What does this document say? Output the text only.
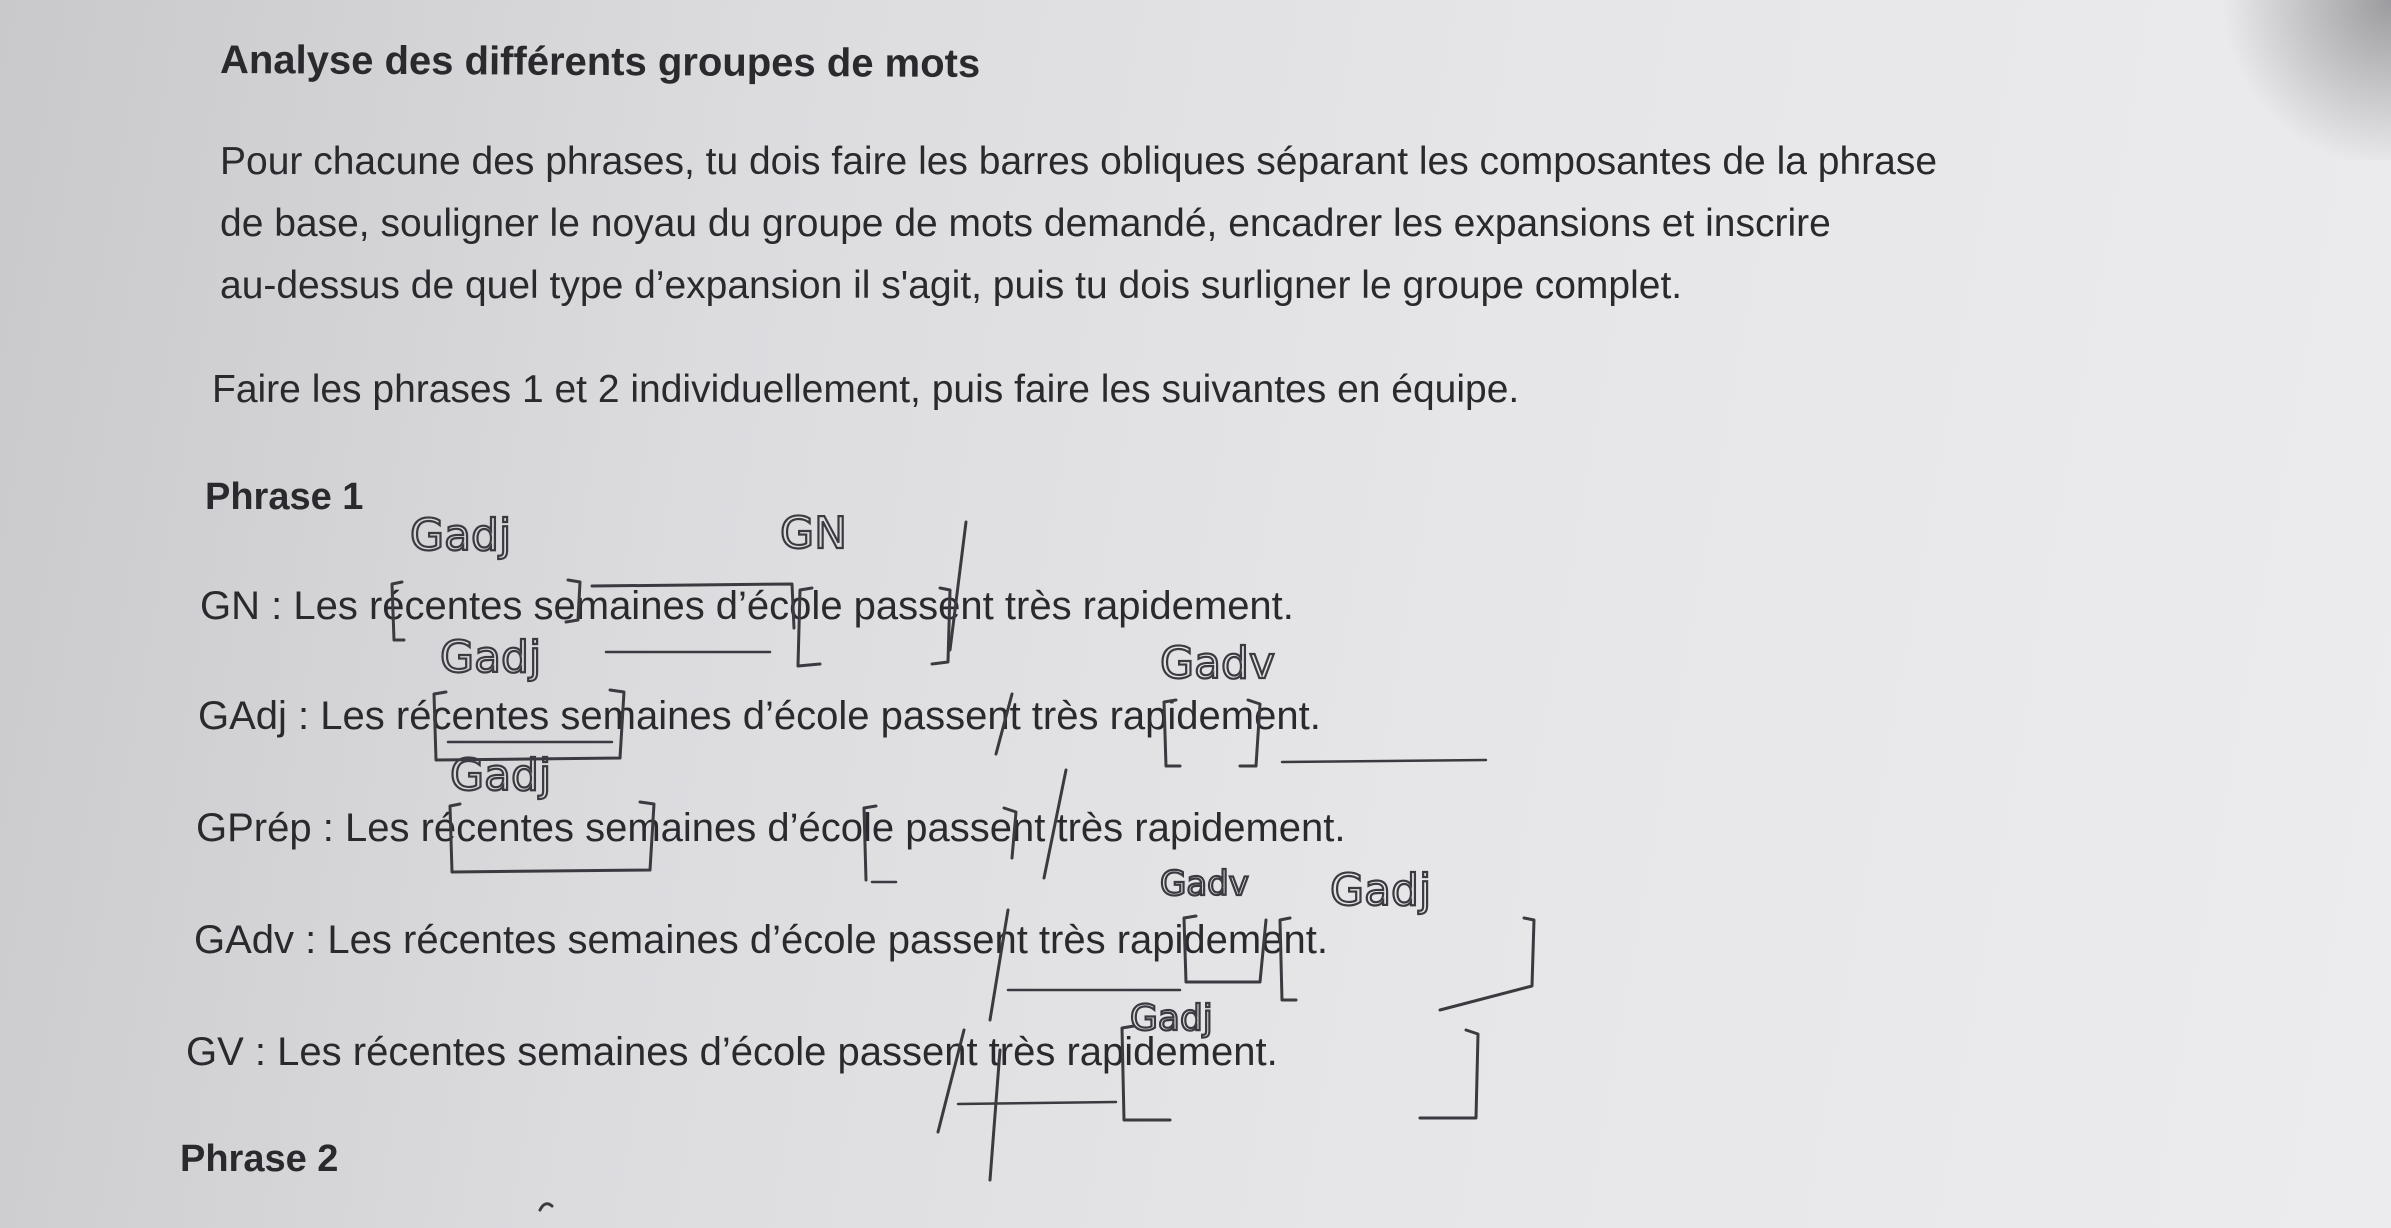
Analyse des différents groupes de mots
Pour chacune des phrases, tu dois faire les barres obliques séparant les composantes de la phrase
de base, souligner le noyau du groupe de mots demandé, encadrer les expansions et inscrire
au-dessus de quel type d’expansion il s'agit, puis tu dois surligner le groupe complet.
Faire les phrases 1 et 2 individuellement, puis faire les suivantes en équipe.
Phrase 1
GN : Les récentes semaines d’école passent très rapidement.
GAdj : Les récentes semaines d’école passent très rapidement.
GPrép : Les récentes semaines d’école passent très rapidement.
GAdv : Les récentes semaines d’école passent très rapidement.
GV : Les récentes semaines d’école passent très rapidement.
Phrase 2
Gadj	GN
Gadj	Gadv
Gadj
Gadv Gadj
Gadj
